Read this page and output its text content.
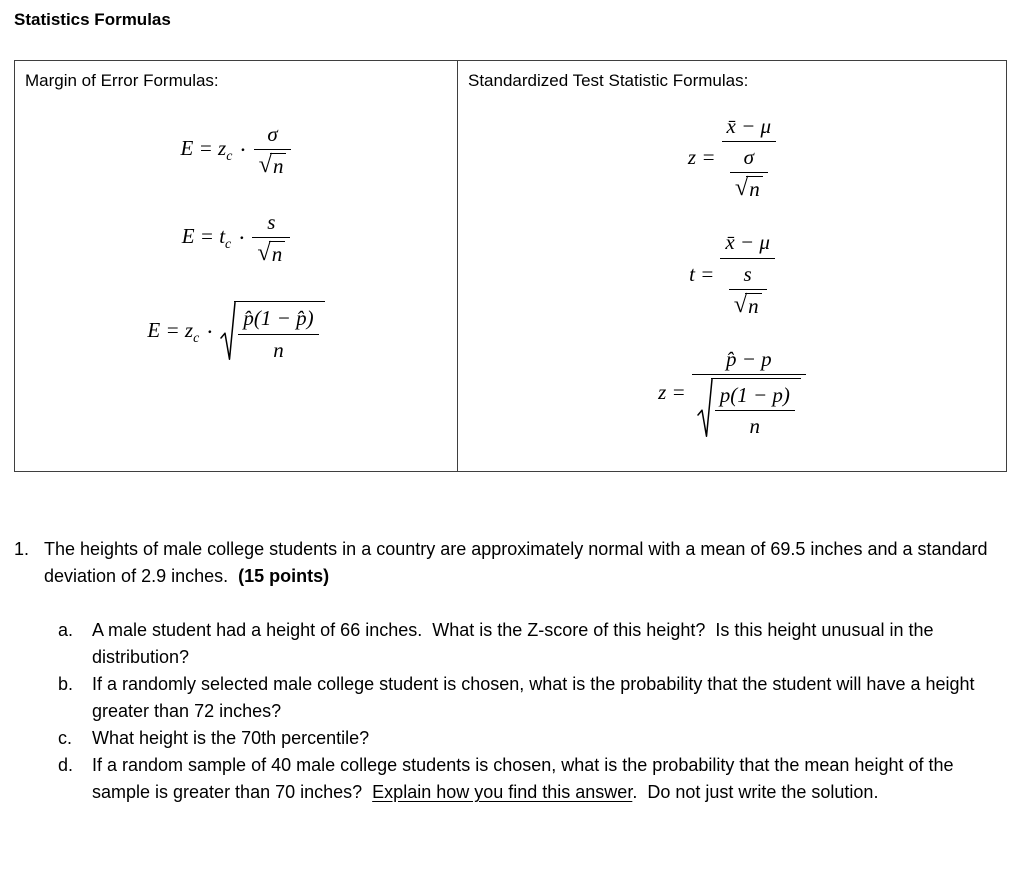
Statistics Formulas
Margin of Error Formulas:
$E = z_c \cdot \frac{\sigma}{√ n}$
$E = t_c \cdot \frac{s}{√ n}$
$E = z_c \cdot \frac{p̂(1 - p̂)}{n}$
Standardized Test Statistic Formulas:
$z = \frac{x̄ - \mu}{\frac{\sigma}{√ n}}$
$t = \frac{x̄ - \mu}{\frac{s}{√ n}}$
$z = \frac{p̂ - p}{\frac{p(1 - p)}{n}}$
1. The heights of male college students in a country are approximately normal with a mean of 69.5 inches and a standard deviation of 2.9 inches.  (15 points)
a.	A male student had a height of 66 inches.  What is the Z-score of this height?  Is this height unusual in the distribution?
b.	If a randomly selected male college student is chosen, what is the probability that the student will have a height greater than 72 inches?
c.	What height is the 70th percentile?
d.	If a random sample of 40 male college students is chosen, what is the probability that the mean height of the sample is greater than 70 inches?  Explain how you find this answer.  Do not just write the solution.
